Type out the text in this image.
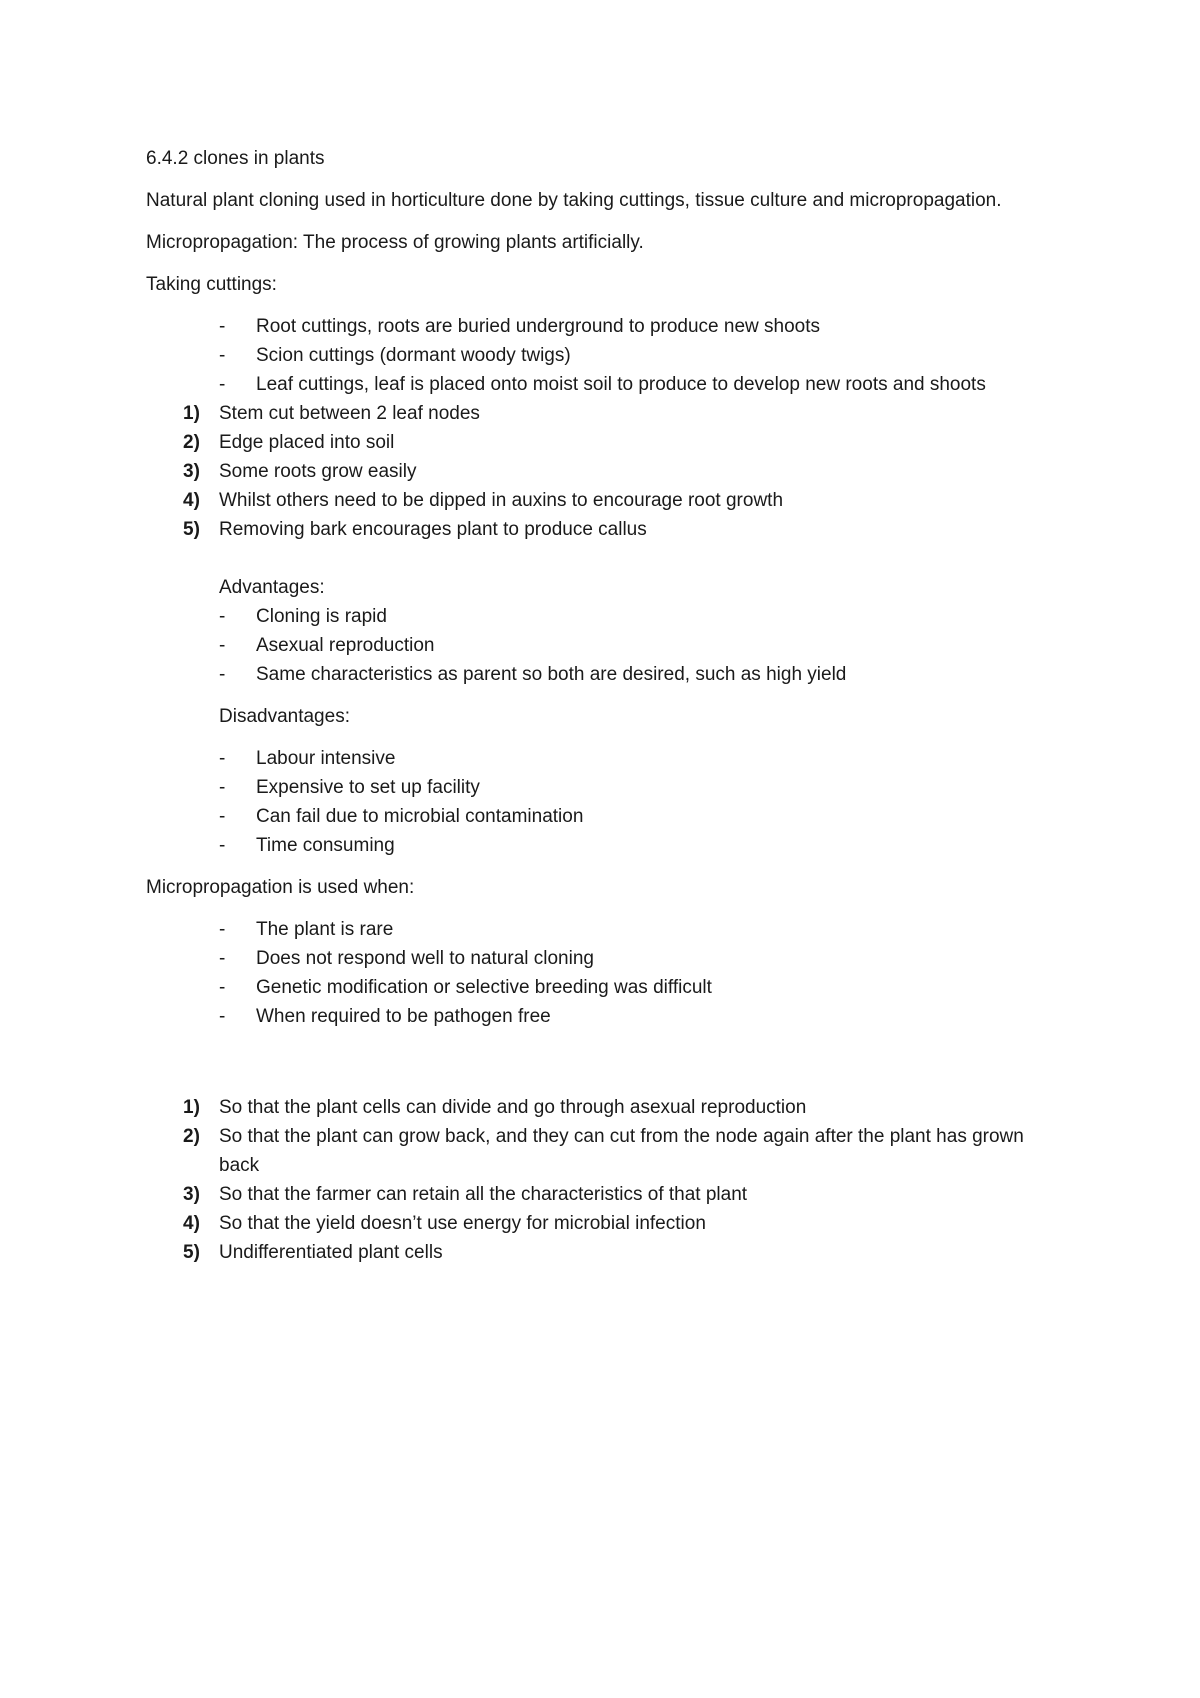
6.4.2 clones in plants

Natural plant cloning used in horticulture done by taking cuttings, tissue culture and micropropagation.

Micropropagation: The process of growing plants artificially.

Taking cuttings:

- Root cuttings, roots are buried underground to produce new shoots
- Scion cuttings (dormant woody twigs)
- Leaf cuttings, leaf is placed onto moist soil to produce to develop new roots and shoots
1) Stem cut between 2 leaf nodes
2) Edge placed into soil
3) Some roots grow easily
4) Whilst others need to be dipped in auxins to encourage root growth
5) Removing bark encourages plant to produce callus

Advantages:

- Cloning is rapid
- Asexual reproduction
- Same characteristics as parent so both are desired, such as high yield

Disadvantages:

- Labour intensive
- Expensive to set up facility
- Can fail due to microbial contamination
- Time consuming

Micropropagation is used when:

- The plant is rare
- Does not respond well to natural cloning
- Genetic modification or selective breeding was difficult
- When required to be pathogen free
1) So that the plant cells can divide and go through asexual reproduction
2) So that the plant can grow back, and they can cut from the node again after the plant has grown back
3) So that the farmer can retain all the characteristics of that plant
4) So that the yield doesn’t use energy for microbial infection
5) Undifferentiated plant cells
